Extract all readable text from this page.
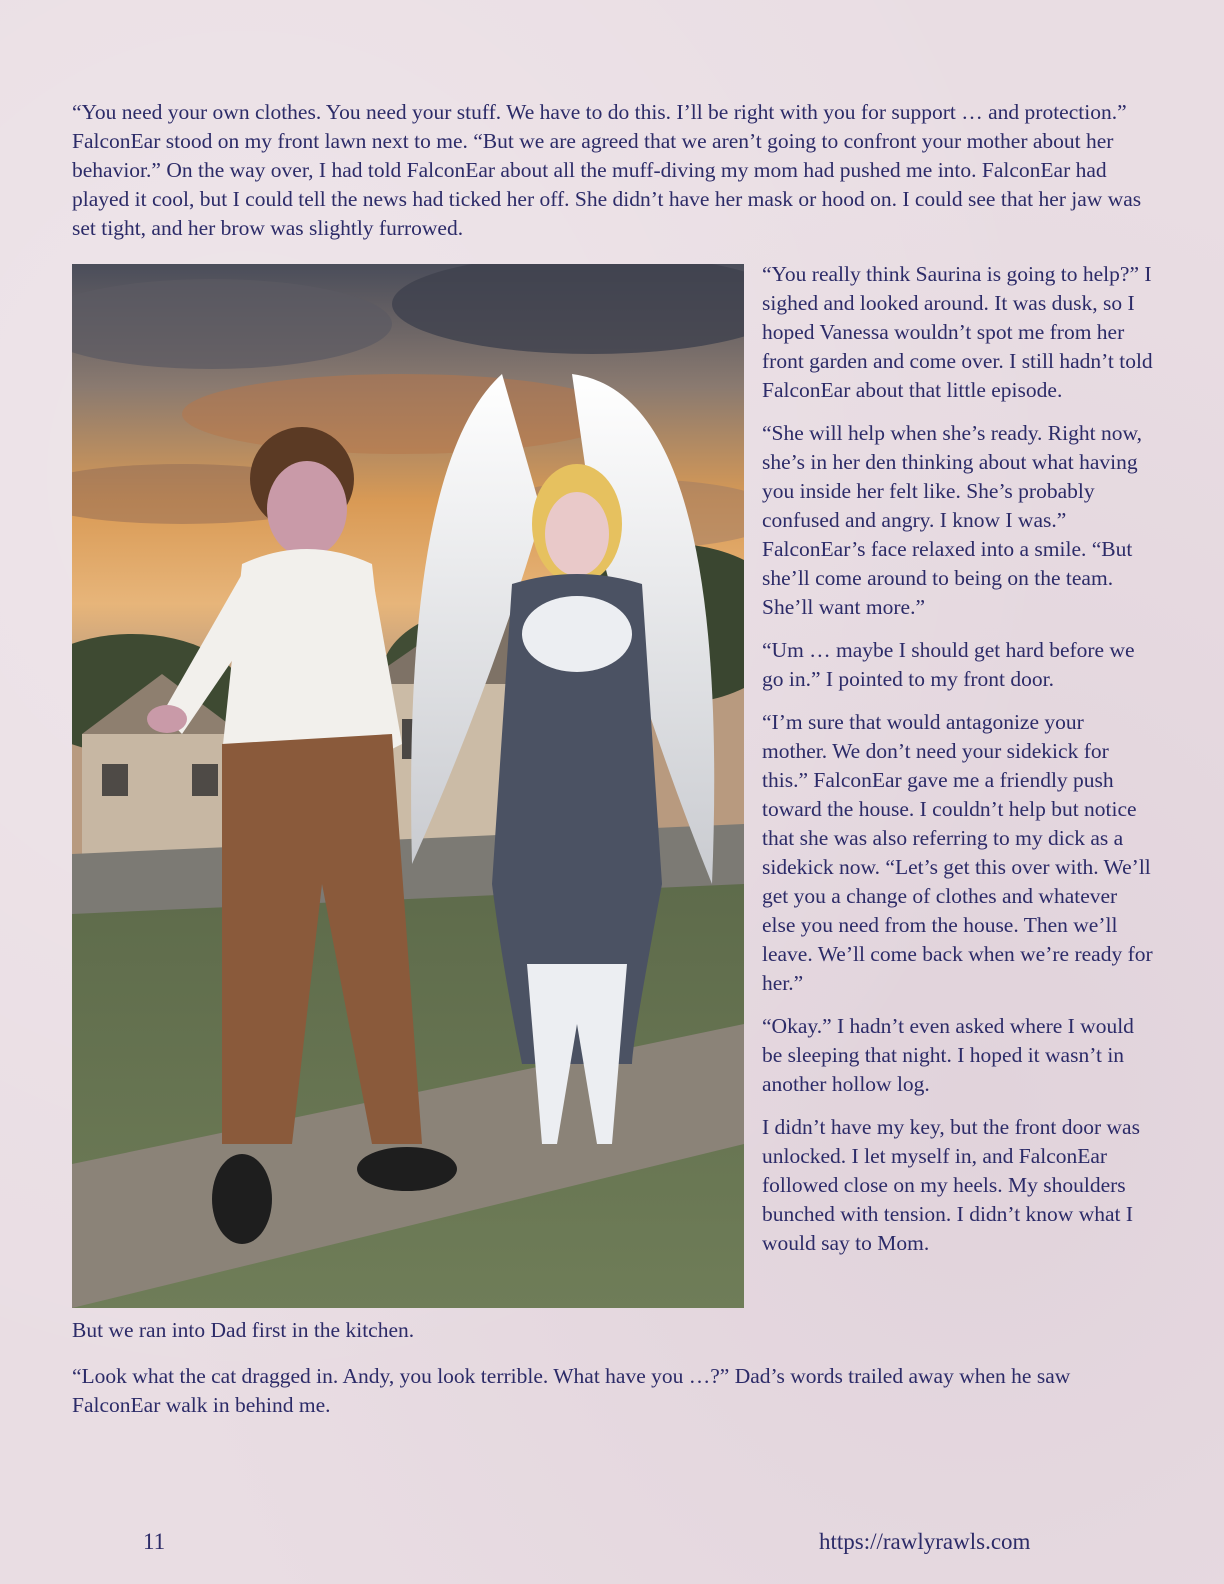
“You need your own clothes. You need your stuff. We have to do this. I’ll be right with you for support … and protection.” FalconEar stood on my front lawn next to me. “But we are agreed that we aren’t going to confront your mother about her behavior.” On the way over, I had told FalconEar about all the muff-diving my mom had pushed me into. FalconEar had played it cool, but I could tell the news had ticked her off. She didn’t have her mask or hood on. I could see that her jaw was set tight, and her brow was slightly furrowed.

“You really think Saurina is going to help?” I sighed and looked around. It was dusk, so I hoped Vanessa wouldn’t spot me from her front garden and come over. I still hadn’t told FalconEar about that little episode.

“She will help when she’s ready. Right now, she’s in her den thinking about what having you inside her felt like. She’s probably confused and angry. I know I was.” FalconEar’s face relaxed into a smile. “But she’ll come around to being on the team. She’ll want more.”

“Um … maybe I should get hard before we go in.” I pointed to my front door.

“I’m sure that would antagonize your mother. We don’t need your sidekick for this.” FalconEar gave me a friendly push toward the house. I couldn’t help but notice that she was also referring to my dick as a sidekick now. “Let’s get this over with. We’ll get you a change of clothes and whatever else you need from the house. Then we’ll leave. We’ll come back when we’re ready for her.”

“Okay.” I hadn’t even asked where I would be sleeping that night. I hoped it wasn’t in another hollow log.

I didn’t have my key, but the front door was unlocked. I let myself in, and FalconEar followed close on my heels. My shoulders bunched with tension. I didn’t know what I would say to Mom.

But we ran into Dad first in the kitchen.

“Look what the cat dragged in. Andy, you look terrible. What have you …?” Dad’s words trailed away when he saw FalconEar walk in behind me.

11	https://rawlyrawls.com
